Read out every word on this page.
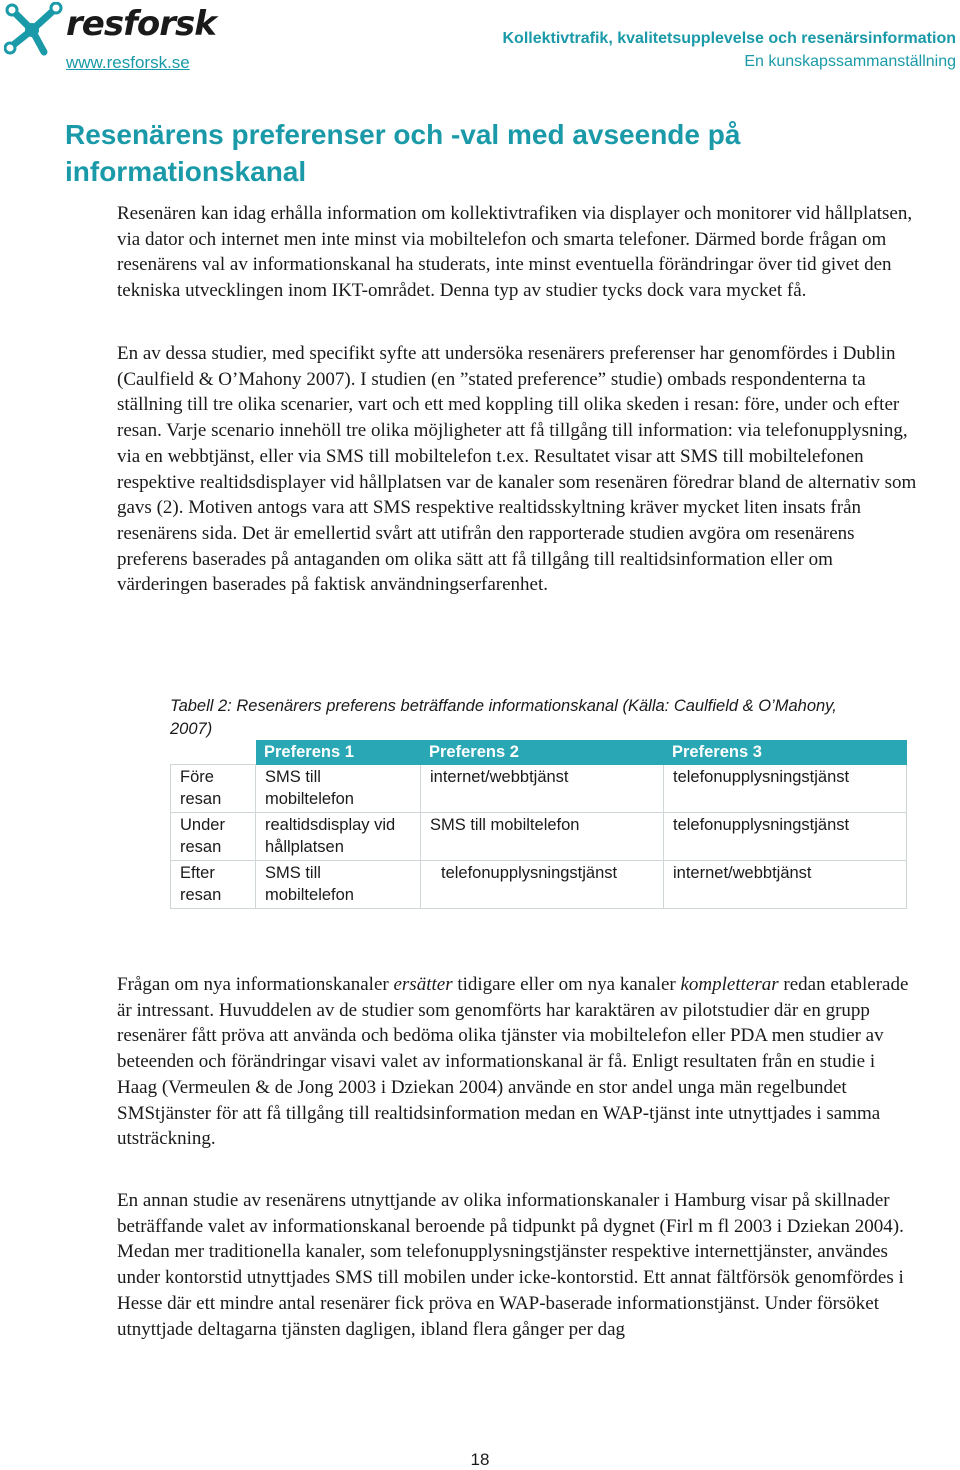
resforsk
www.resforsk.se
Kollektivtrafik, kvalitetsupplevelse och resenärsinformation
En kunskapssammanställning
Resenärens preferenser och -val med avseende på informationskanal

Resenären kan idag erhålla information om kollektivtrafiken via displayer och monitorer vid hållplatsen, via dator och internet men inte minst via mobiltelefon och smarta telefoner. Därmed borde frågan om resenärens val av informationskanal ha studerats, inte minst eventuella förändringar över tid givet den tekniska utvecklingen inom IKT-området. Denna typ av studier tycks dock vara mycket få.

En av dessa studier, med specifikt syfte att undersöka resenärers preferenser har genomfördes i Dublin (Caulfield & O’Mahony 2007). I studien (en ”stated preference” studie) ombads respondenterna ta ställning till tre olika scenarier, vart och ett med koppling till olika skeden i resan: före, under och efter resan. Varje scenario innehöll tre olika möjligheter att få tillgång till information: via telefonupplysning, via en webbtjänst, eller via SMS till mobiltelefon t.ex. Resultatet visar att SMS till mobiltelefonen respektive realtidsdisplayer vid hållplatsen var de kanaler som resenären föredrar bland de alternativ som gavs (2). Motiven antogs vara att SMS respektive realtidsskyltning kräver mycket liten insats från resenärens sida. Det är emellertid svårt att utifrån den rapporterade studien avgöra om resenärens preferens baserades på antaganden om olika sätt att få tillgång till realtidsinformation eller om värderingen baserades på faktisk användningserfarenhet.

Tabell 2: Resenärers preferens beträffande informationskanal (Källa: Caulfield & O’Mahony, 2007)
	Preferens 1	Preferens 2	Preferens 3
Före resan	SMS till mobiltelefon	internet/webbtjänst	telefonupplysningstjänst
Under resan	realtidsdisplay vid hållplatsen	SMS till mobiltelefon	telefonupplysningstjänst
Efter resan	SMS till mobiltelefon	telefonupplysningstjänst	internet/webbtjänst

Frågan om nya informationskanaler ersätter tidigare eller om nya kanaler kompletterar redan etablerade är intressant. Huvuddelen av de studier som genomförts har karaktären av pilotstudier där en grupp resenärer fått pröva att använda och bedöma olika tjänster via mobiltelefon eller PDA men studier av beteenden och förändringar visavi valet av informationskanal är få. Enligt resultaten från en studie i Haag (Vermeulen & de Jong 2003 i Dziekan 2004) använde en stor andel unga män regelbundet SMStjänster för att få tillgång till realtidsinformation medan en WAP-tjänst inte utnyttjades i samma utsträckning.

En annan studie av resenärens utnyttjande av olika informationskanaler i Hamburg visar på skillnader beträffande valet av informationskanal beroende på tidpunkt på dygnet (Firl m fl 2003 i Dziekan 2004). Medan mer traditionella kanaler, som telefonupplysningstjänster respektive internettjänster, användes under kontorstid utnyttjades SMS till mobilen under icke-kontorstid. Ett annat fältförsök genomfördes i Hesse där ett mindre antal resenärer fick pröva en WAP-baserade informationstjänst. Under försöket utnyttjade deltagarna tjänsten dagligen, ibland flera gånger per dag

18
